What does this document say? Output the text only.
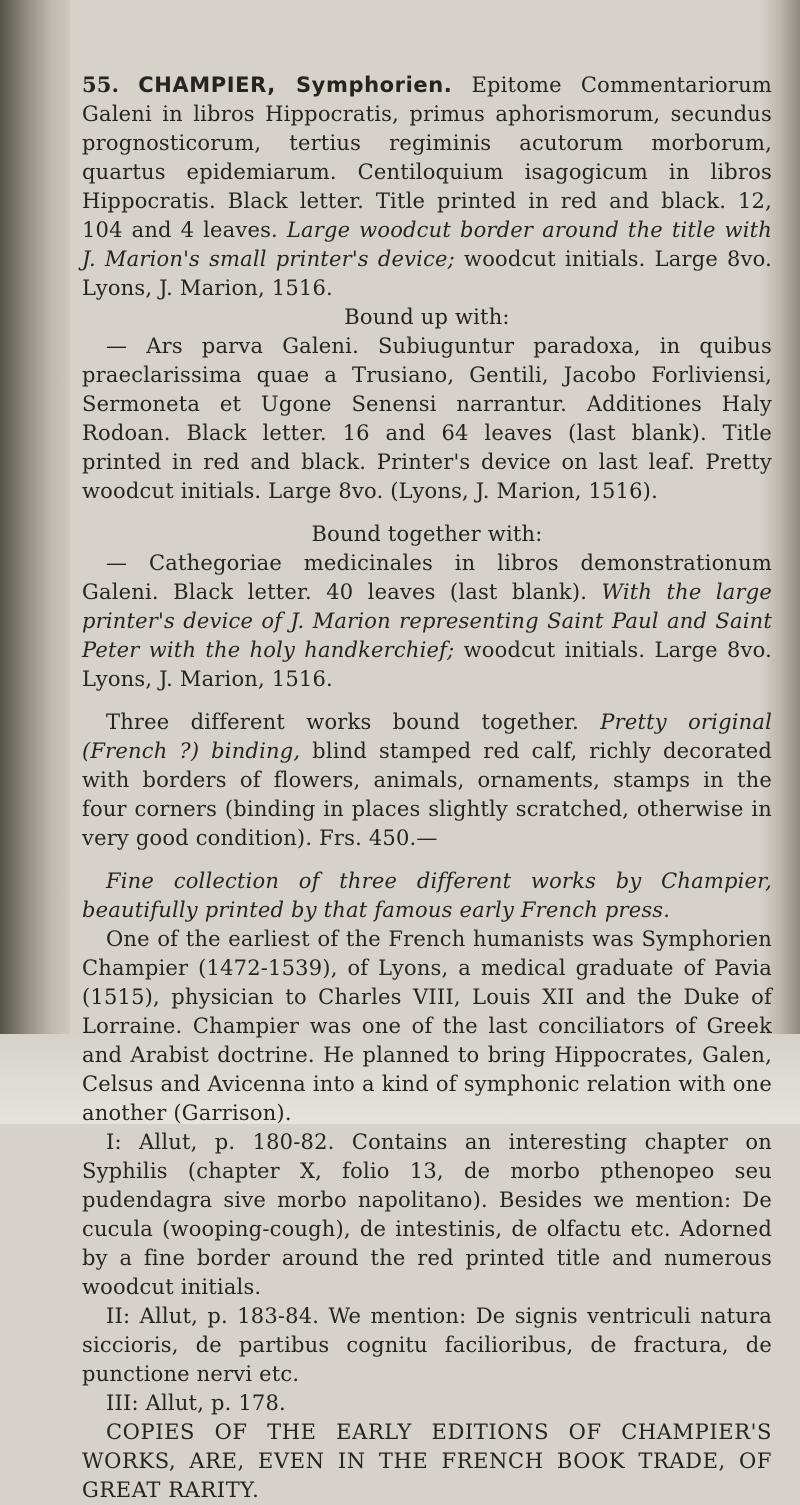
55. CHAMPIER, Symphorien. Epitome Commentariorum Galeni in libros Hippocratis, primus aphorismorum, secundus prognosticorum, tertius regiminis acutorum morborum, quartus epidemiarum. Centiloquium isagogicum in libros Hippocratis. Black letter. Title printed in red and black. 12, 104 and 4 leaves. Large woodcut border around the title with J. Marion's small printer's device; woodcut initials. Large 8vo. Lyons, J. Marion, 1516.

Bound up with:

— Ars parva Galeni. Subiuguntur paradoxa, in quibus praeclarissima quae a Trusiano, Gentili, Jacobo Forliviensi, Sermoneta et Ugone Senensi narrantur. Additiones Haly Rodoan. Black letter. 16 and 64 leaves (last blank). Title printed in red and black. Printer's device on last leaf. Pretty woodcut initials. Large 8vo. (Lyons, J. Marion, 1516).

Bound together with:

— Cathegoriae medicinales in libros demonstrationum Galeni. Black letter. 40 leaves (last blank). With the large printer's device of J. Marion representing Saint Paul and Saint Peter with the holy handkerchief; woodcut initials. Large 8vo. Lyons, J. Marion, 1516.

Three different works bound together. Pretty original (French ?) binding, blind stamped red calf, richly decorated with borders of flowers, animals, ornaments, stamps in the four corners (binding in places slightly scratched, otherwise in very good condition). Frs. 450.—

Fine collection of three different works by Champier, beautifully printed by that famous early French press.

One of the earliest of the French humanists was Symphorien Champier (1472-1539), of Lyons, a medical graduate of Pavia (1515), physician to Charles VIII, Louis XII and the Duke of Lorraine. Champier was one of the last conciliators of Greek and Arabist doctrine. He planned to bring Hippocrates, Galen, Celsus and Avicenna into a kind of symphonic relation with one another (Garrison).

I: Allut, p. 180-82. Contains an interesting chapter on Syphilis (chapter X, folio 13, de morbo pthenopeo seu pudendagra sive morbo napolitano). Besides we mention: De cucula (wooping-cough), de intestinis, de olfactu etc. Adorned by a fine border around the red printed title and numerous woodcut initials.

II: Allut, p. 183-84. We mention: De signis ventriculi natura siccioris, de partibus cognitu facilioribus, de fractura, de punctione nervi etc.

III: Allut, p. 178.

COPIES OF THE EARLY EDITIONS OF CHAMPIER'S WORKS, ARE, EVEN IN THE FRENCH BOOK TRADE, OF GREAT RARITY.
